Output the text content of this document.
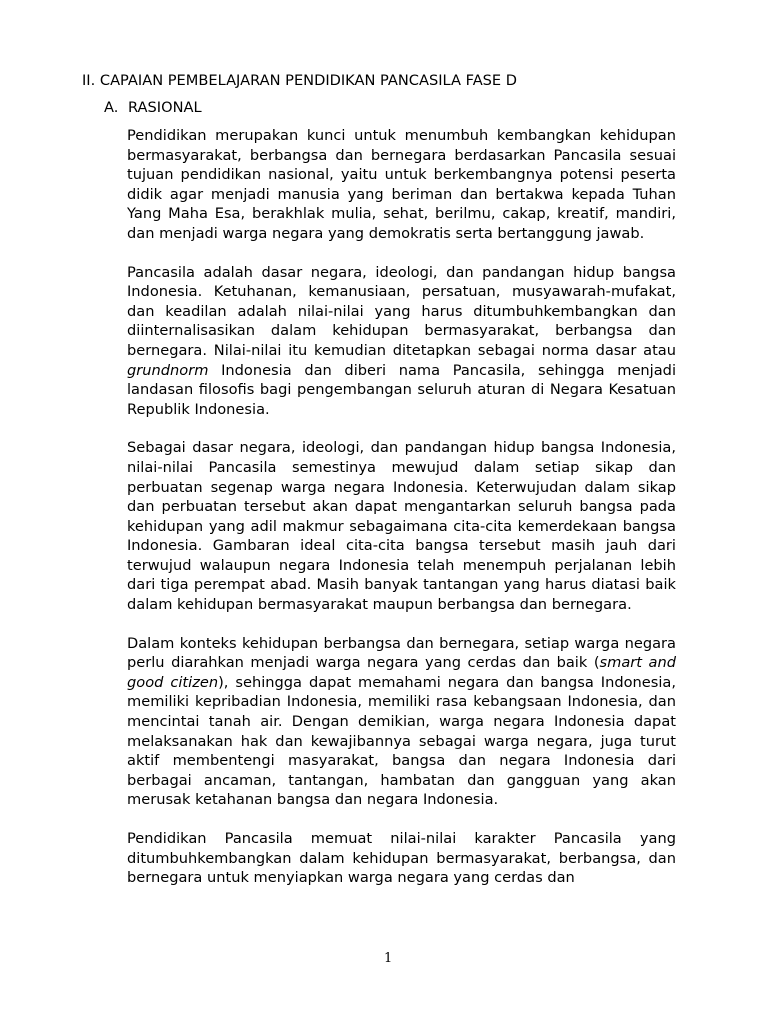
II. CAPAIAN PEMBELAJARAN PENDIDIKAN PANCASILA FASE D
A. RASIONAL

Pendidikan merupakan kunci untuk menumbuh kembangkan kehidupan bermasyarakat, berbangsa dan bernegara berdasarkan Pancasila sesuai tujuan pendidikan nasional, yaitu untuk berkembangnya potensi peserta didik agar menjadi manusia yang beriman dan bertakwa kepada Tuhan Yang Maha Esa, berakhlak mulia, sehat, berilmu, cakap, kreatif, mandiri, dan menjadi warga negara yang demokratis serta bertanggung jawab.

Pancasila adalah dasar negara, ideologi, dan pandangan hidup bangsa Indonesia. Ketuhanan, kemanusiaan, persatuan, musyawarah-mufakat, dan keadilan adalah nilai-nilai yang harus ditumbuhkembangkan dan diinternalisasikan dalam kehidupan bermasyarakat, berbangsa dan bernegara. Nilai-nilai itu kemudian ditetapkan sebagai norma dasar atau grundnorm Indonesia dan diberi nama Pancasila, sehingga menjadi landasan filosofis bagi pengembangan seluruh aturan di Negara Kesatuan Republik Indonesia.

Sebagai dasar negara, ideologi, dan pandangan hidup bangsa Indonesia, nilai-nilai Pancasila semestinya mewujud dalam setiap sikap dan perbuatan segenap warga negara Indonesia. Keterwujudan dalam sikap dan perbuatan tersebut akan dapat mengantarkan seluruh bangsa pada kehidupan yang adil makmur sebagaimana cita-cita kemerdekaan bangsa Indonesia. Gambaran ideal cita-cita bangsa tersebut masih jauh dari terwujud walaupun negara Indonesia telah menempuh perjalanan lebih dari tiga perempat abad. Masih banyak tantangan yang harus diatasi baik dalam kehidupan bermasyarakat maupun berbangsa dan bernegara.

Dalam konteks kehidupan berbangsa dan bernegara, setiap warga negara perlu diarahkan menjadi warga negara yang cerdas dan baik (smart and good citizen), sehingga dapat memahami negara dan bangsa Indonesia, memiliki kepribadian Indonesia, memiliki rasa kebangsaan Indonesia, dan mencintai tanah air. Dengan demikian, warga negara Indonesia dapat melaksanakan hak dan kewajibannya sebagai warga negara, juga turut aktif membentengi masyarakat, bangsa dan negara Indonesia dari berbagai ancaman, tantangan, hambatan dan gangguan yang akan merusak ketahanan bangsa dan negara Indonesia.

Pendidikan Pancasila memuat nilai-nilai karakter Pancasila yang ditumbuhkembangkan dalam kehidupan bermasyarakat, berbangsa, dan bernegara untuk menyiapkan warga negara yang cerdas dan

1
